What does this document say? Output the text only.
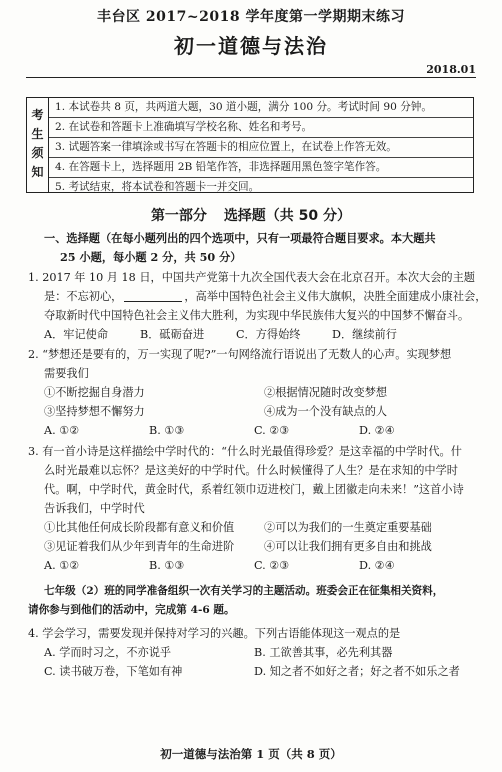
丰台区 2017~2018 学年度第一学期期末练习
初一道德与法治
2018.01
考
生
须
知
1. 本试卷共 8 页，共两道大题，30 道小题，满分 100 分。考试时间 90 分钟。
2. 在试卷和答题卡上准确填写学校名称、姓名和考号。
3. 试题答案一律填涂或书写在答题卡的相应位置上，在试卷上作答无效。
4. 在答题卡上，选择题用 2B 铅笔作答，非选择题用黑色签字笔作答。
5. 考试结束，将本试卷和答题卡一并交回。
第一部分 选择题（共 50 分）
一、选择题（在每小题列出的四个选项中，只有一项最符合题目要求。本大题共
25 小题，每小题 2 分，共 50 分）
1. 2017 年 10 月 18 日，中国共产党第十九次全国代表大会在北京召开。本次大会的主题
是：不忘初心，	，高举中国特色社会主义伟大旗帜，决胜全面建成小康社会，
夺取新时代中国特色社会主义伟大胜利，为实现中华民族伟大复兴的中国梦不懈奋斗。
A．牢记使命	B．砥砺奋进	C．方得始终	D．继续前行
2. “梦想还是要有的，万一实现了呢?”一句网络流行语说出了无数人的心声。实现梦想
需要我们
①不断挖掘自身潜力	②根据情况随时改变梦想
③坚持梦想不懈努力	④成为一个没有缺点的人
A. ①②	B. ①③	C. ②③	D. ②④
3. 有一首小诗是这样描绘中学时代的：“什么时光最值得珍爱？是这幸福的中学时代。什
么时光最难以忘怀？是这美好的中学时代。什么时候懂得了人生？是在求知的中学时
代。啊，中学时代，黄金时代，系着红领巾迈进校门，戴上团徽走向未来！”这首小诗
告诉我们，中学时代
①比其他任何成长阶段都有意义和价值	②可以为我们的一生奠定重要基础
③见证着我们从少年到青年的生命进阶	④可以让我们拥有更多自由和挑战
A. ①②	B. ①③	C. ②③	D. ②④
七年级（2）班的同学准备组织一次有关学习的主题活动。班委会正在征集相关资料，
请你参与到他们的活动中，完成第 4-6 题。
4. 学会学习，需要发现并保持对学习的兴趣。下列古语能体现这一观点的是
A. 学而时习之，不亦说乎	B. 工欲善其事，必先利其器
C. 读书破万卷，下笔如有神	D. 知之者不如好之者；好之者不如乐之者
初一道德与法治第 1 页（共 8 页）
